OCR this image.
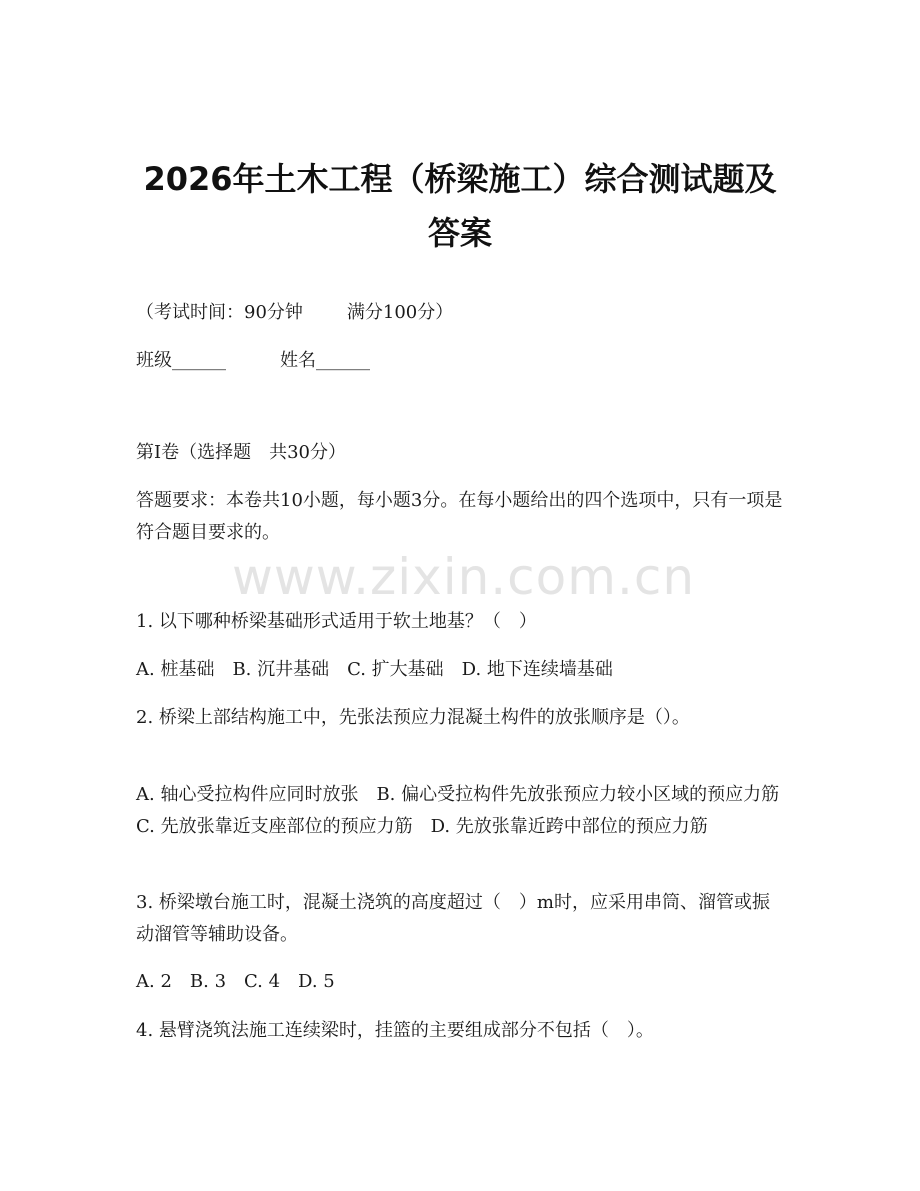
2026年土木工程（桥梁施工）综合测试题及
答案
（考试时间：90分钟 满分100分）
班级______	姓名______
第I卷（选择题　共30分）
答题要求：本卷共10小题，每小题3分。在每小题给出的四个选项中，只有一项是符合题目要求的。
www.zixin.com.cn
1. 以下哪种桥梁基础形式适用于软土地基？（　）
A. 桩基础　B. 沉井基础　C. 扩大基础　D. 地下连续墙基础
2. 桥梁上部结构施工中，先张法预应力混凝土构件的放张顺序是（）。
A. 轴心受拉构件应同时放张　B. 偏心受拉构件先放张预应力较小区域的预应力筋　C. 先放张靠近支座部位的预应力筋　D. 先放张靠近跨中部位的预应力筋
3. 桥梁墩台施工时，混凝土浇筑的高度超过（　）m时，应采用串筒、溜管或振动溜管等辅助设备。
A. 2　B. 3　C. 4　D. 5
4. 悬臂浇筑法施工连续梁时，挂篮的主要组成部分不包括（　）。
